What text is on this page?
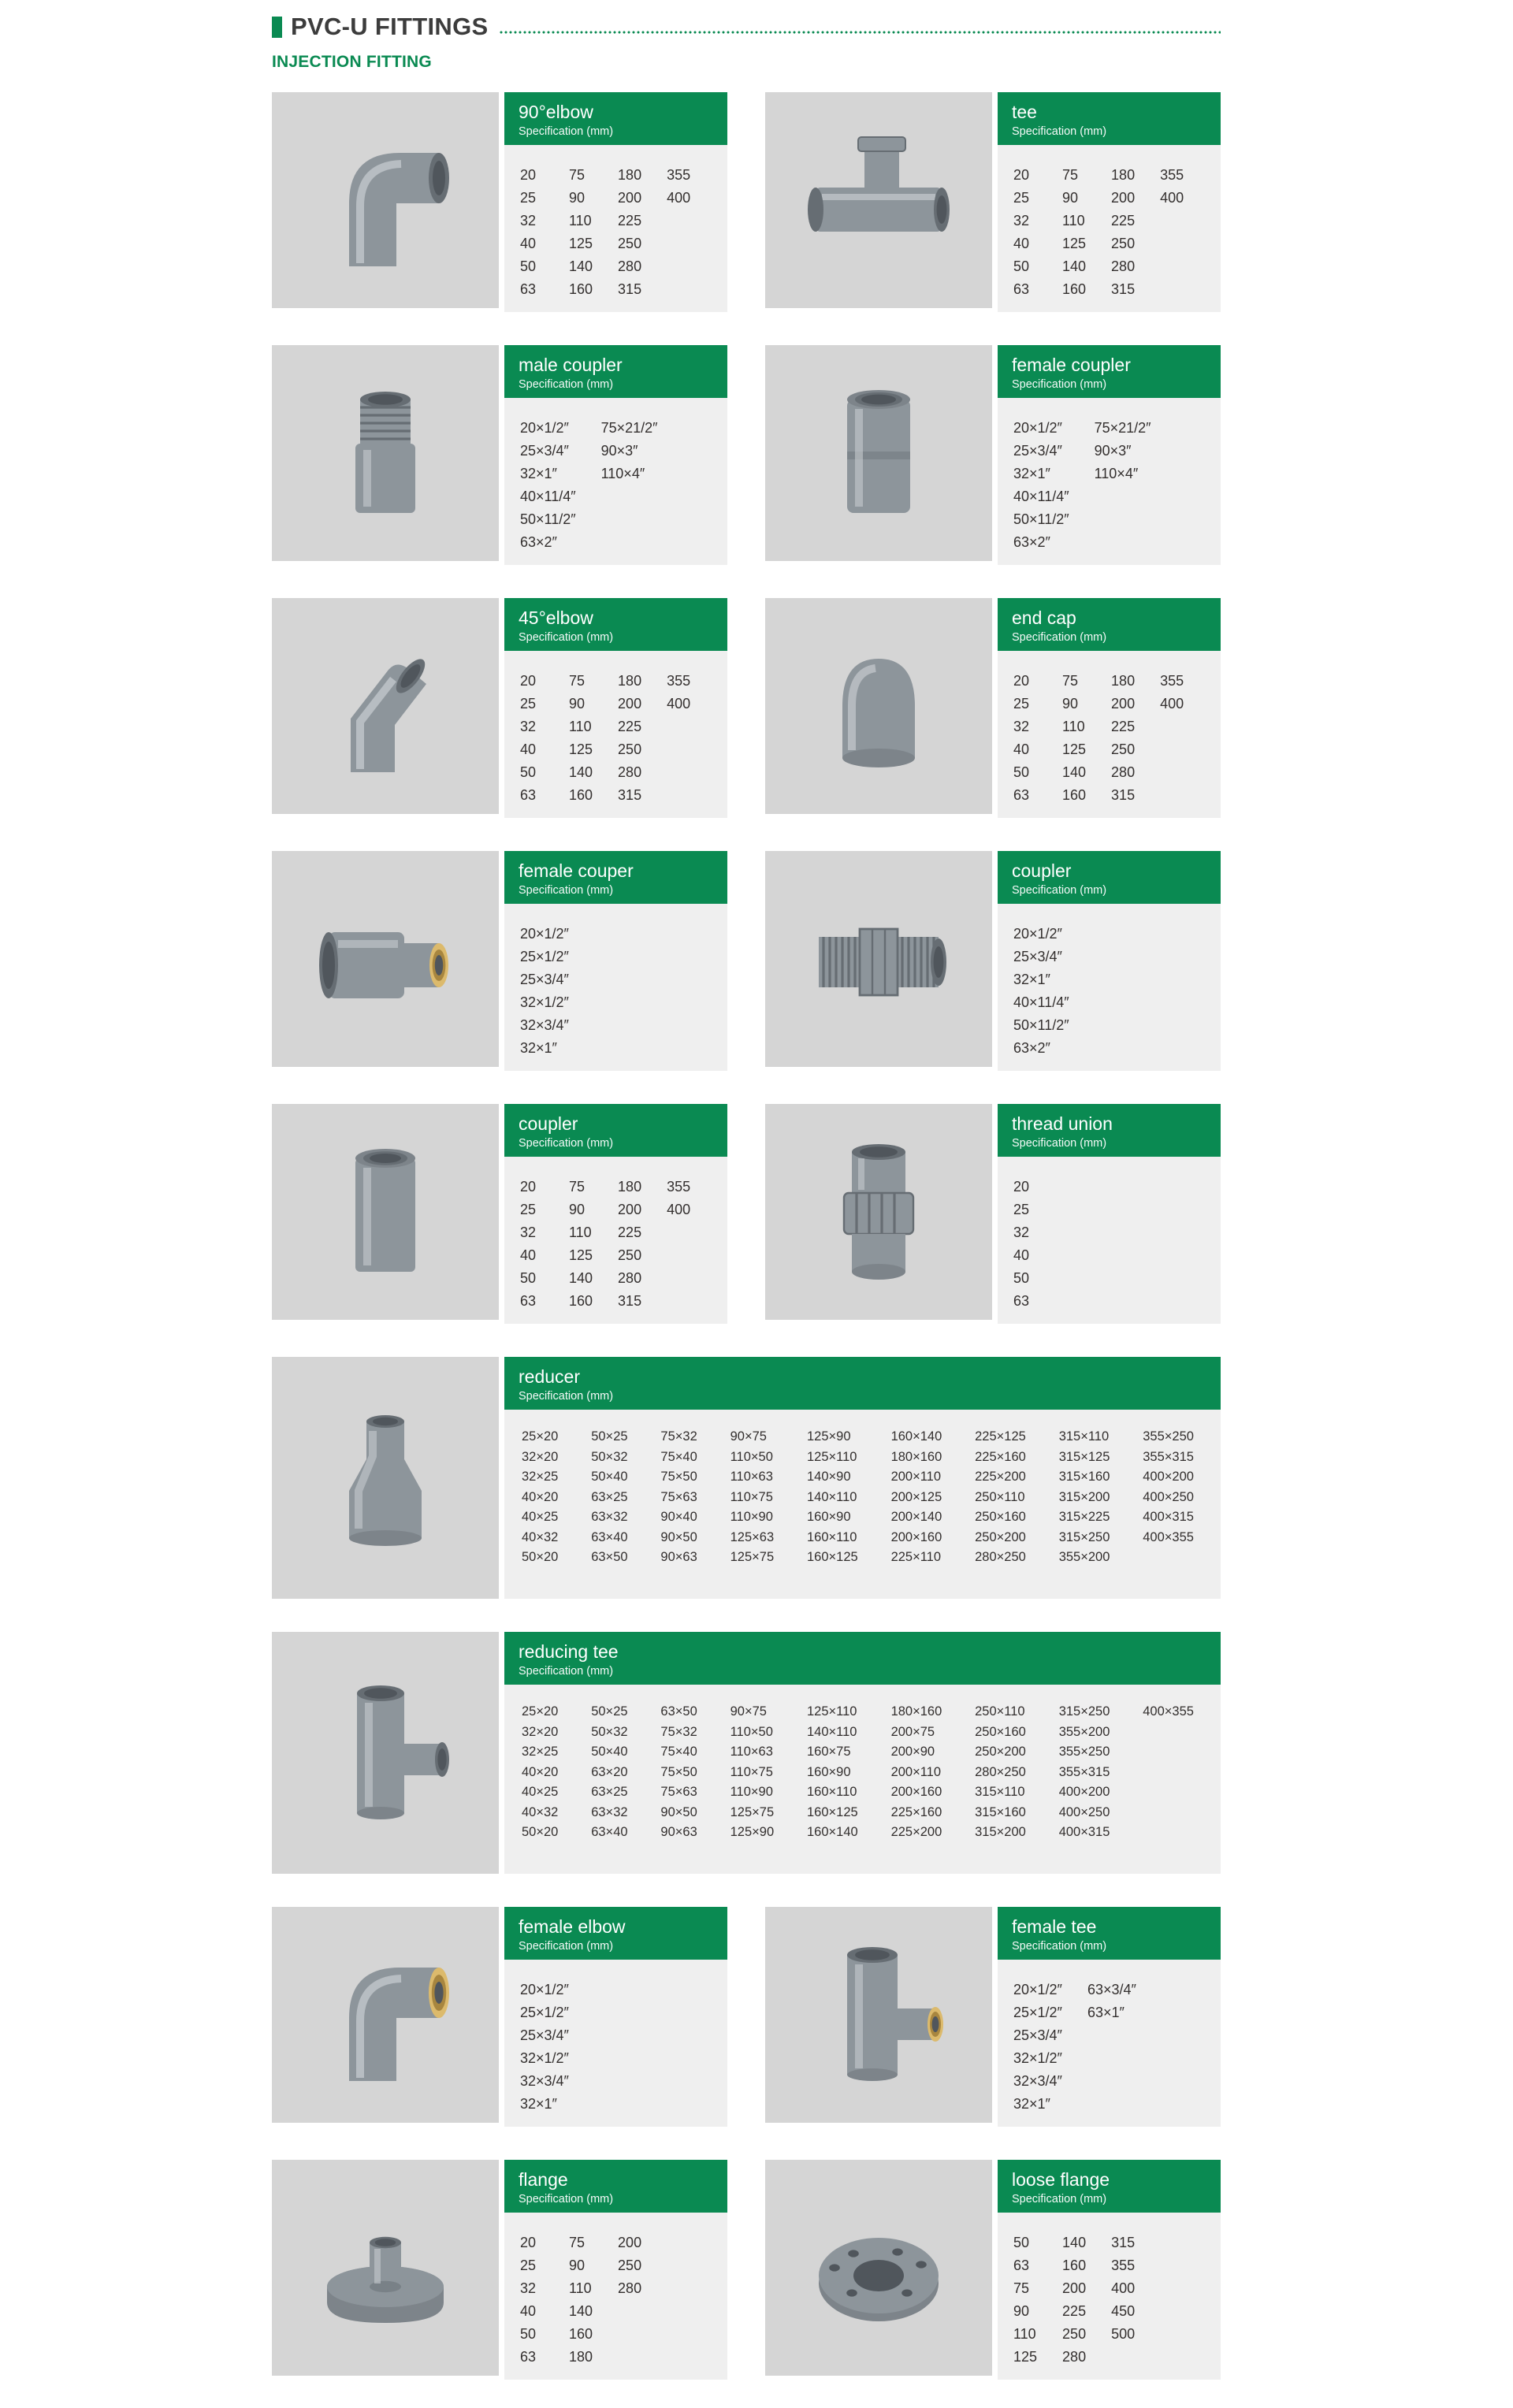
PVC-U FITTINGS
INJECTION FITTING
90°elbow
Specification (mm)
20
25
32
40
50
63
75
90
110
125
140
160
180
200
225
250
280
315
355
400
tee
Specification (mm)
20
25
32
40
50
63
75
90
110
125
140
160
180
200
225
250
280
315
355
400
male coupler
Specification (mm)
20×1/2″
25×3/4″
32×1″
40×11/4″
50×11/2″
63×2″
75×21/2″
90×3″
110×4″
female coupler
Specification (mm)
20×1/2″
25×3/4″
32×1″
40×11/4″
50×11/2″
63×2″
75×21/2″
90×3″
110×4″
45°elbow
Specification (mm)
20
25
32
40
50
63
75
90
110
125
140
160
180
200
225
250
280
315
355
400
end cap
Specification (mm)
20
25
32
40
50
63
75
90
110
125
140
160
180
200
225
250
280
315
355
400
female couper
Specification (mm)
20×1/2″
25×1/2″
25×3/4″
32×1/2″
32×3/4″
32×1″
coupler
Specification (mm)
20×1/2″
25×3/4″
32×1″
40×11/4″
50×11/2″
63×2″
coupler
Specification (mm)
20
25
32
40
50
63
75
90
110
125
140
160
180
200
225
250
280
315
355
400
thread union
Specification (mm)
20
25
32
40
50
63
reducer
Specification (mm)
25×20
32×20
32×25
40×20
40×25
40×32
50×20
50×25
50×32
50×40
63×25
63×32
63×40
63×50
75×32
75×40
75×50
75×63
90×40
90×50
90×63
90×75
110×50
110×63
110×75
110×90
125×63
125×75
125×90
125×110
140×90
140×110
160×90
160×110
160×125
160×140
180×160
200×110
200×125
200×140
200×160
225×110
225×125
225×160
225×200
250×110
250×160
250×200
280×250
315×110
315×125
315×160
315×200
315×225
315×250
355×200
355×250
355×315
400×200
400×250
400×315
400×355
reducing tee
Specification (mm)
25×20
32×20
32×25
40×20
40×25
40×32
50×20
50×25
50×32
50×40
63×20
63×25
63×32
63×40
63×50
75×32
75×40
75×50
75×63
90×50
90×63
90×75
110×50
110×63
110×75
110×90
125×75
125×90
125×110
140×110
160×75
160×90
160×110
160×125
160×140
180×160
200×75
200×90
200×110
200×160
225×160
225×200
250×110
250×160
250×200
280×250
315×110
315×160
315×200
315×250
355×200
355×250
355×315
400×200
400×250
400×315
400×355
female elbow
Specification (mm)
20×1/2″
25×1/2″
25×3/4″
32×1/2″
32×3/4″
32×1″
female tee
Specification (mm)
20×1/2″
25×1/2″
25×3/4″
32×1/2″
32×3/4″
32×1″
63×3/4″
63×1″
flange
Specification (mm)
20
25
32
40
50
63
75
90
110
140
160
180
200
250
280
loose flange
Specification (mm)
50
63
75
90
110
125
140
160
200
225
250
280
315
355
400
450
500
